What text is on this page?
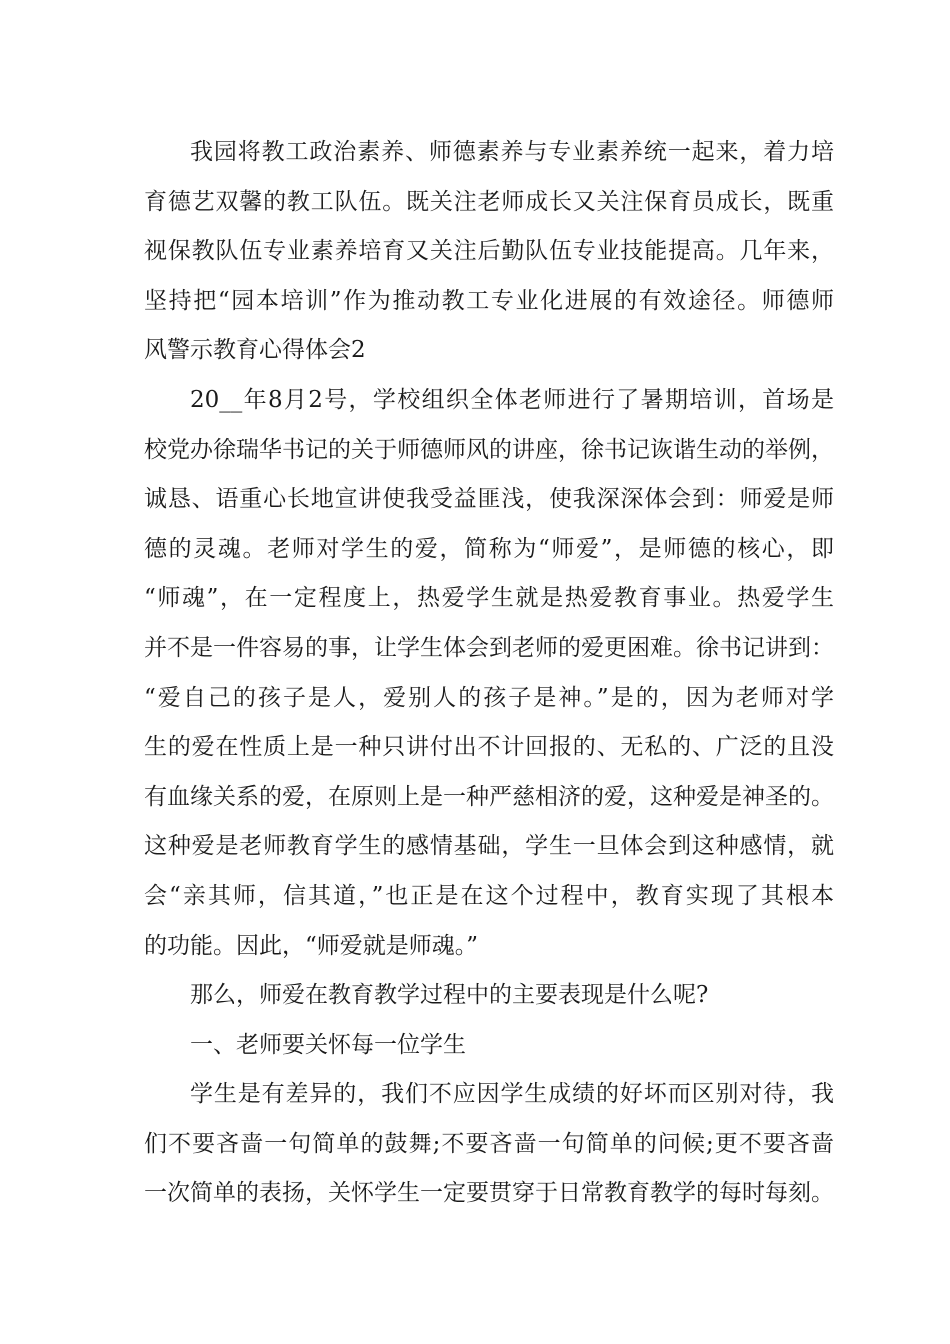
我园将教工政治素养、师德素养与专业素养统一起来，着力培
育德艺双馨的教工队伍。既关注老师成长又关注保育员成长，既重
视保教队伍专业素养培育又关注后勤队伍专业技能提高。几年来，
坚持把“园本培训”作为推动教工专业化进展的有效途径。师德师
风警示教育心得体会2
20__年8月2号，学校组织全体老师进行了暑期培训，首场是
校党办徐瑞华书记的关于师德师风的讲座，徐书记诙谐生动的举例，
诚恳、语重心长地宣讲使我受益匪浅，使我深深体会到：师爱是师
德的灵魂。老师对学生的爱，简称为“师爱”，是师德的核心，即
“师魂”，在一定程度上，热爱学生就是热爱教育事业。热爱学生
并不是一件容易的事，让学生体会到老师的爱更困难。徐书记讲到：
“爱自己的孩子是人，爱别人的孩子是神。”是的，因为老师对学
生的爱在性质上是一种只讲付出不计回报的、无私的、广泛的且没
有血缘关系的爱，在原则上是一种严慈相济的爱，这种爱是神圣的。
这种爱是老师教育学生的感情基础，学生一旦体会到这种感情，就
会“亲其师，信其道，”也正是在这个过程中，教育实现了其根本
的功能。因此，“师爱就是师魂。”
那么，师爱在教育教学过程中的主要表现是什么呢?
一、老师要关怀每一位学生
学生是有差异的，我们不应因学生成绩的好坏而区别对待，我
们不要吝啬一句简单的鼓舞;不要吝啬一句简单的问候;更不要吝啬
一次简单的表扬，关怀学生一定要贯穿于日常教育教学的每时每刻。
